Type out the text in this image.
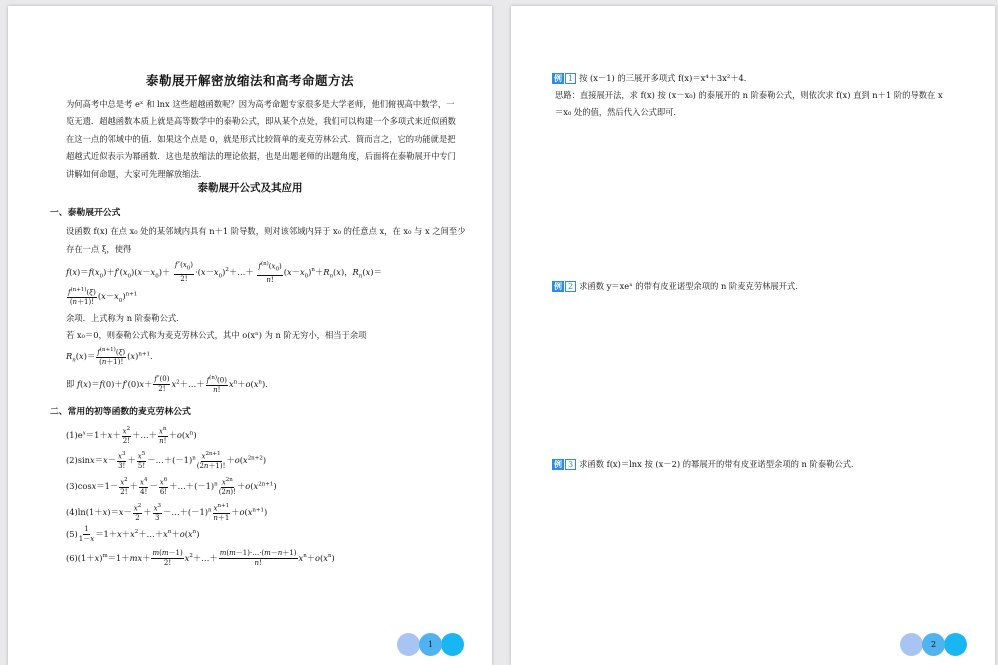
泰勒展开解密放缩法和高考命题方法
为何高考中总是考 eˣ 和 lnx 这些超越函数呢？因为高考命题专家很多是大学老师，他们俯视高中数学，一览无遗．超越函数本质上就是高等数学中的泰勒公式，即从某个点处，我们可以构建一个多项式来近似函数在这一点的邻域中的值．如果这个点是 0，就是形式比较简单的麦克劳林公式．简而言之，它的功能就是把超越式近似表示为幂函数．这也是放缩法的理论依据，也是出题老师的出题角度，后面将在泰勒展开中专门讲解如何命题，大家可先理解放缩法．
泰勒展开公式及其应用
一、泰勒展开公式
设函数 f(x) 在点 x₀ 处的某邻域内具有 n＋1 阶导数，则对该邻域内异于 x₀ 的任意点 x，在 x₀ 与 x 之间至少
存在一点 ξ，使得
$f(x)=f(x_0)+f'(x_0)(x-x_0)+ \frac{f''(x_0)}{2!}$ $\cdot(x-x_0)^2+\dots+ \frac{f^{(n)}(x_0)}{n!} (x-x_0)^n+R_n(x)$，$R_n(x)=$
$\frac{f^{(n+1)}(\xi)}{(n+1)!} (x-x_0)^{n+1}$
余项．上式称为 n 阶泰勒公式．
若 x₀＝0，则泰勒公式称为麦克劳林公式，其中 o(xⁿ) 为 n 阶无穷小，相当于余项
$R_n(x)= \frac{f^{(n+1)}(\xi)}{(n+1)!} (x)^{n+1}$.
即 $f(x)=f(0)+f'(0)x+ \frac{f''(0)}{2!}$ $x^2+\dots+ \frac{f^{(n)}(0)}{n!} x^n+o(x^n)$.
二、常用的初等函数的麦克劳林公式
$(1)e^x=1+x+ \frac{x^2}{2!}$ ＋…＋ $\frac{x^n}{n!} +o(x^n)$
$(2)\sin x=x- \frac{x^3}{3!} + \frac{x^5}{5!}$ $-\dots+(-1)^n \frac{x^{2n+1}}{(2n+1)!} +o(x^{2n+2})$
$(3)\cos x=1- \frac{x^2}{2!} + \frac{x^4}{4!} - \frac{x^6}{6!}$ $+\dots+(-1)^n \frac{x^{2n}}{(2n)!} +o(x^{2n+1})$
$(4)\ln(1+x)=x- \frac{x^2}{2} + \frac{x^3}{3}$ $-\dots+(-1)^n \frac{x^{n+1}}{n+1} +o(x^{n+1})$
$(5) \frac{1}{1-x}$ $=1+x+x^2+\dots+x^n+o(x^n)$
$(6)(1+x)^m=1+mx+ \frac{m(m-1)}{2!}$ $x^2+\dots+ \frac{m(m-1)\cdot\dots\cdot(m-n+1)}{n!} x^n+o(x^n)$
1
例 1 按 (x－1) 的三展开多项式 f(x)＝x⁴＋3x²＋4．
思路：直接展开法，求 f(x) 按 (x－x₀) 的泰展开的 n 阶泰勒公式，则依次求 f(x) 直到 n＋1 阶的导数在 x
＝x₀ 处的值，然后代入公式即可．
例 2 求函数 y＝xeˣ 的带有皮亚诺型余项的 n 阶麦克劳林展开式．
例 3 求函数 f(x)＝lnx 按 (x－2) 的幂展开的带有皮亚诺型余项的 n 阶泰勒公式．
2
